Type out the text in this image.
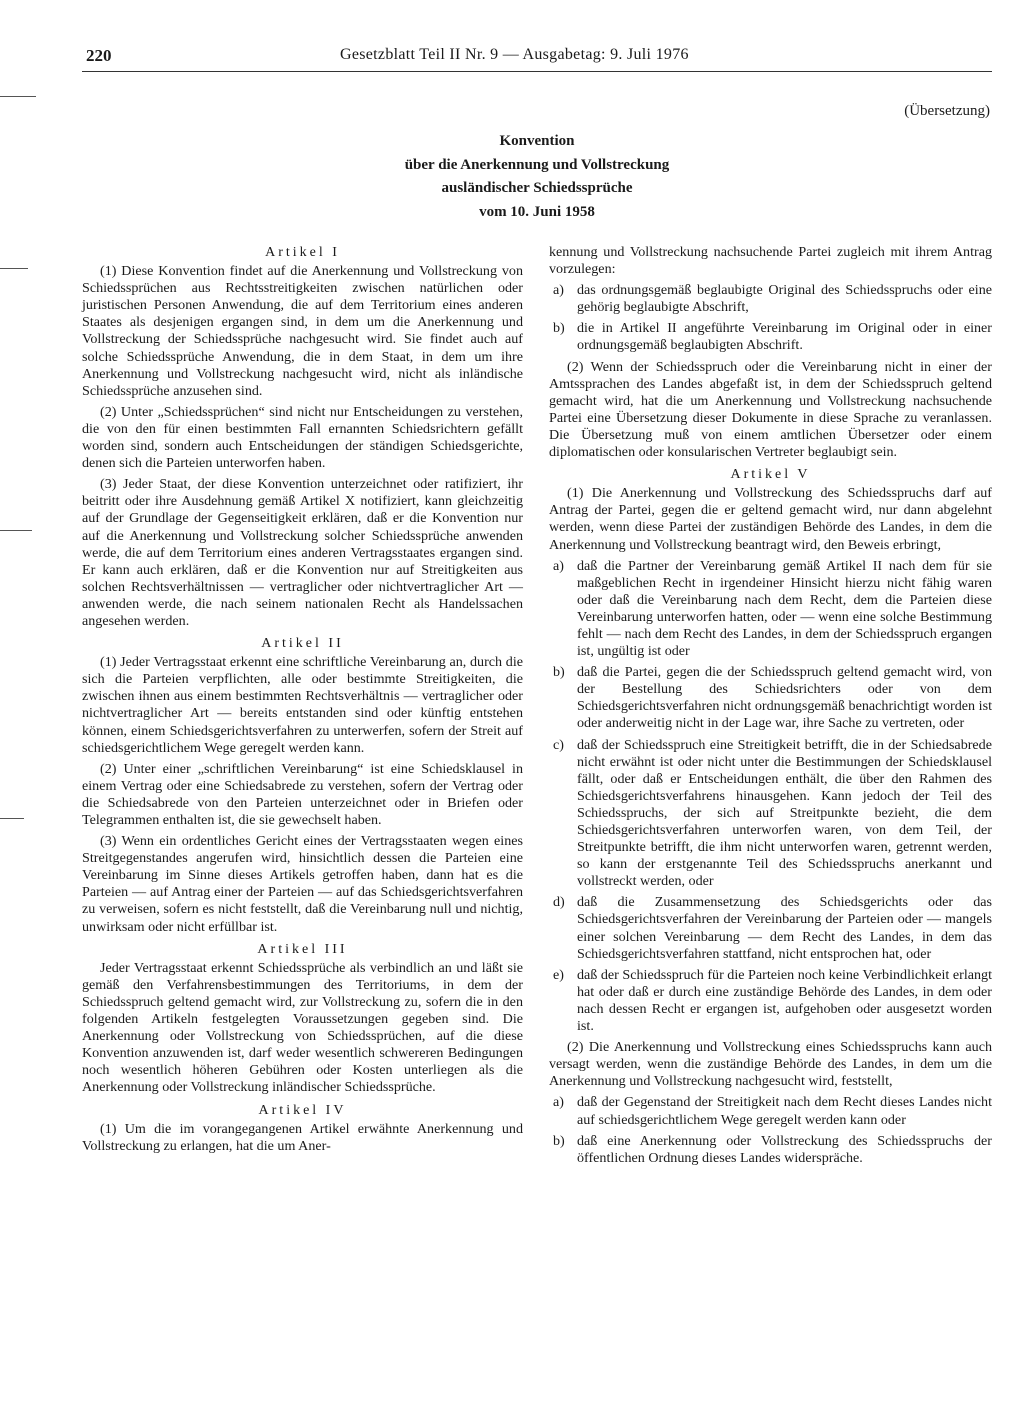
220	Gesetzblatt Teil II Nr. 9 — Ausgabetag: 9. Juli 1976
(Übersetzung)
Konvention
über die Anerkennung und Vollstreckung
ausländischer Schiedssprüche
vom 10. Juni 1958
Artikel I

(1) Diese Konvention findet auf die Anerkennung und Vollstreckung von Schiedssprüchen aus Rechtsstreitigkeiten zwischen natürlichen oder juristischen Personen Anwendung, die auf dem Territorium eines anderen Staates als desjenigen ergangen sind, in dem um die Anerkennung und Vollstreckung der Schiedssprüche nachgesucht wird. Sie findet auch auf solche Schiedssprüche Anwendung, die in dem Staat, in dem um ihre Anerkennung und Vollstreckung nachgesucht wird, nicht als inländische Schiedssprüche anzusehen sind.

(2) Unter „Schiedssprüchen“ sind nicht nur Entscheidungen zu verstehen, die von den für einen bestimmten Fall ernannten Schiedsrichtern gefällt worden sind, sondern auch Entscheidungen der ständigen Schiedsgerichte, denen sich die Parteien unterworfen haben.

(3) Jeder Staat, der diese Konvention unterzeichnet oder ratifiziert, ihr beitritt oder ihre Ausdehnung gemäß Artikel X notifiziert, kann gleichzeitig auf der Grundlage der Gegenseitigkeit erklären, daß er die Konvention nur auf die Anerkennung und Vollstreckung solcher Schiedssprüche anwenden werde, die auf dem Territorium eines anderen Vertragsstaates ergangen sind. Er kann auch erklären, daß er die Konvention nur auf Streitigkeiten aus solchen Rechtsverhältnissen — vertraglicher oder nichtvertraglicher Art — anwenden werde, die nach seinem nationalen Recht als Handelssachen angesehen werden.

Artikel II

(1) Jeder Vertragsstaat erkennt eine schriftliche Vereinbarung an, durch die sich die Parteien verpflichten, alle oder bestimmte Streitigkeiten, die zwischen ihnen aus einem bestimmten Rechtsverhältnis — vertraglicher oder nichtvertraglicher Art — bereits entstanden sind oder künftig entstehen können, einem Schiedsgerichtsverfahren zu unterwerfen, sofern der Streit auf schiedsgerichtlichem Wege geregelt werden kann.

(2) Unter einer „schriftlichen Vereinbarung“ ist eine Schiedsklausel in einem Vertrag oder eine Schiedsabrede zu verstehen, sofern der Vertrag oder die Schiedsabrede von den Parteien unterzeichnet oder in Briefen oder Telegrammen enthalten ist, die sie gewechselt haben.

(3) Wenn ein ordentliches Gericht eines der Vertragsstaaten wegen eines Streitgegenstandes angerufen wird, hinsichtlich dessen die Parteien eine Vereinbarung im Sinne dieses Artikels getroffen haben, dann hat es die Parteien — auf Antrag einer der Parteien — auf das Schiedsgerichtsverfahren zu verweisen, sofern es nicht feststellt, daß die Vereinbarung null und nichtig, unwirksam oder nicht erfüllbar ist.

Artikel III

Jeder Vertragsstaat erkennt Schiedssprüche als verbindlich an und läßt sie gemäß den Verfahrensbestimmungen des Territoriums, in dem der Schiedsspruch geltend gemacht wird, zur Vollstreckung zu, sofern die in den folgenden Artikeln festgelegten Voraussetzungen gegeben sind. Die Anerkennung oder Vollstreckung von Schiedssprüchen, auf die diese Konvention anzuwenden ist, darf weder wesentlich schwereren Bedingungen noch wesentlich höheren Gebühren oder Kosten unterliegen als die Anerkennung oder Vollstreckung inländischer Schiedssprüche.

Artikel IV

(1) Um die im vorangegangenen Artikel erwähnte Anerkennung und Vollstreckung zu erlangen, hat die um Aner-

kennung und Vollstreckung nachsuchende Partei zugleich mit ihrem Antrag vorzulegen:

a) das ordnungsgemäß beglaubigte Original des Schiedsspruchs oder eine gehörig beglaubigte Abschrift,
b) die in Artikel II angeführte Vereinbarung im Original oder in einer ordnungsgemäß beglaubigten Abschrift.

(2) Wenn der Schiedsspruch oder die Vereinbarung nicht in einer der Amtssprachen des Landes abgefaßt ist, in dem der Schiedsspruch geltend gemacht wird, hat die um Anerkennung und Vollstreckung nachsuchende Partei eine Übersetzung dieser Dokumente in diese Sprache zu veranlassen. Die Übersetzung muß von einem amtlichen Übersetzer oder einem diplomatischen oder konsularischen Vertreter beglaubigt sein.

Artikel V

(1) Die Anerkennung und Vollstreckung des Schiedsspruchs darf auf Antrag der Partei, gegen die er geltend gemacht wird, nur dann abgelehnt werden, wenn diese Partei der zuständigen Behörde des Landes, in dem die Anerkennung und Vollstreckung beantragt wird, den Beweis erbringt,

a) daß die Partner der Vereinbarung gemäß Artikel II nach dem für sie maßgeblichen Recht in irgendeiner Hinsicht hierzu nicht fähig waren oder daß die Vereinbarung nach dem Recht, dem die Parteien diese Vereinbarung unterworfen hatten, oder — wenn eine solche Bestimmung fehlt — nach dem Recht des Landes, in dem der Schiedsspruch ergangen ist, ungültig ist oder
b) daß die Partei, gegen die der Schiedsspruch geltend gemacht wird, von der Bestellung des Schiedsrichters oder von dem Schiedsgerichtsverfahren nicht ordnungsgemäß benachrichtigt worden ist oder anderweitig nicht in der Lage war, ihre Sache zu vertreten, oder
c) daß der Schiedsspruch eine Streitigkeit betrifft, die in der Schiedsabrede nicht erwähnt ist oder nicht unter die Bestimmungen der Schiedsklausel fällt, oder daß er Entscheidungen enthält, die über den Rahmen des Schiedsgerichtsverfahrens hinausgehen. Kann jedoch der Teil des Schiedsspruchs, der sich auf Streitpunkte bezieht, die dem Schiedsgerichtsverfahren unterworfen waren, von dem Teil, der Streitpunkte betrifft, die ihm nicht unterworfen waren, getrennt werden, so kann der erstgenannte Teil des Schiedsspruchs anerkannt und vollstreckt werden, oder
d) daß die Zusammensetzung des Schiedsgerichts oder das Schiedsgerichtsverfahren der Vereinbarung der Parteien oder — mangels einer solchen Vereinbarung — dem Recht des Landes, in dem das Schiedsgerichtsverfahren stattfand, nicht entsprochen hat, oder
e) daß der Schiedsspruch für die Parteien noch keine Verbindlichkeit erlangt hat oder daß er durch eine zuständige Behörde des Landes, in dem oder nach dessen Recht er ergangen ist, aufgehoben oder ausgesetzt worden ist.

(2) Die Anerkennung und Vollstreckung eines Schiedsspruchs kann auch versagt werden, wenn die zuständige Behörde des Landes, in dem um die Anerkennung und Vollstreckung nachgesucht wird, feststellt,

a) daß der Gegenstand der Streitigkeit nach dem Recht dieses Landes nicht auf schiedsgerichtlichem Wege geregelt werden kann oder
b) daß eine Anerkennung oder Vollstreckung des Schiedsspruchs der öffentlichen Ordnung dieses Landes widerspräche.
